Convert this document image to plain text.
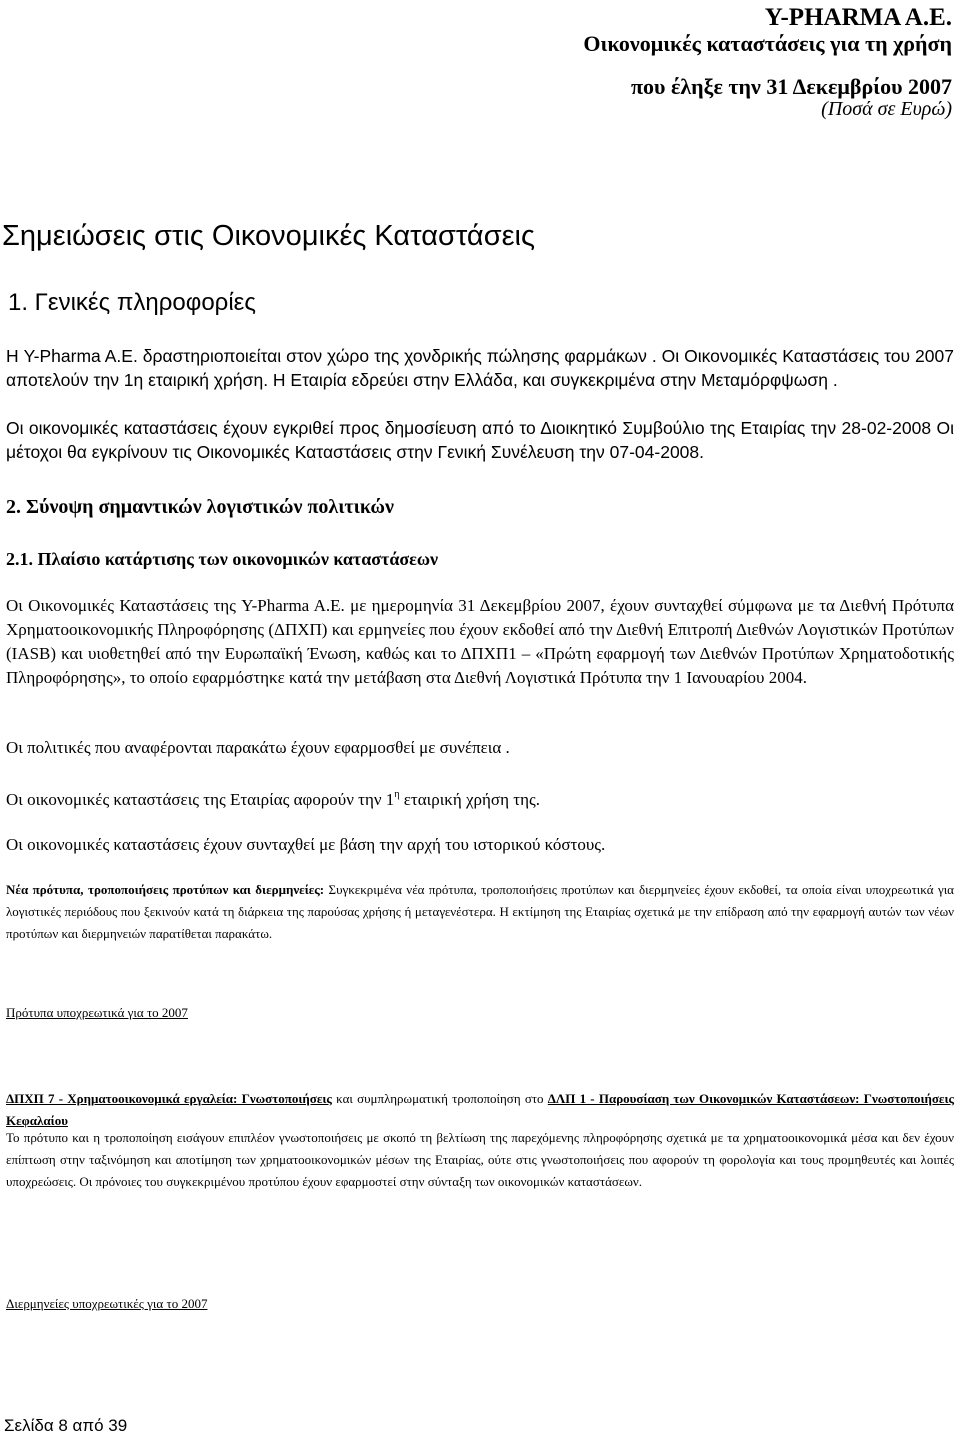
Y-PHARMA A.E.
Οικονομικές καταστάσεις για τη χρήση
που έληξε την 31 Δεκεμβρίου 2007
(Ποσά σε Ευρώ)
Σημειώσεις στις Οικονομικές Καταστάσεις
1. Γενικές πληροφορίες

Η Y-Pharma A.E. δραστηριοποιείται στον χώρο της χονδρικής πώλησης φαρμάκων . Οι Οικονομικές Καταστάσεις του 2007 αποτελούν την 1η εταιρική χρήση. Η Εταιρία εδρεύει στην Ελλάδα, και συγκεκριμένα στην Μεταμόρφψωση .

Οι οικονομικές καταστάσεις έχουν εγκριθεί προς δημοσίευση από το Διοικητικό Συμβούλιο της Εταιρίας την 28-02-2008 Οι μέτοχοι θα εγκρίνουν τις Οικονομικές Καταστάσεις στην Γενική Συνέλευση την 07-04-2008.

2. Σύνοψη σημαντικών λογιστικών πολιτικών
2.1. Πλαίσιο κατάρτισης των οικονομικών καταστάσεων

Οι Οικονομικές Καταστάσεις της Y-Pharma A.E. με ημερομηνία 31 Δεκεμβρίου 2007, έχουν συνταχθεί σύμφωνα με τα Διεθνή Πρότυπα Χρηματοοικονομικής Πληροφόρησης (ΔΠΧΠ) και ερμηνείες που έχουν εκδοθεί από την Διεθνή Επιτροπή Διεθνών Λογιστικών Προτύπων (IASB) και υιοθετηθεί από την Ευρωπαϊκή Ένωση, καθώς και το ΔΠΧΠ1 – «Πρώτη εφαρμογή των Διεθνών Προτύπων Χρηματοδοτικής Πληροφόρησης», το οποίο εφαρμόστηκε κατά την μετάβαση στα Διεθνή Λογιστικά Πρότυπα την 1 Ιανουαρίου 2004.

Οι πολιτικές που αναφέρονται παρακάτω έχουν εφαρμοσθεί με συνέπεια .

Οι οικονομικές καταστάσεις της Εταιρίας αφορούν την $1^\eta$ εταιρική χρήση της.

Οι οικονομικές καταστάσεις έχουν συνταχθεί με βάση την αρχή του ιστορικού κόστους.

Νέα πρότυπα, τροποποιήσεις προτύπων και διερμηνείες: Συγκεκριμένα νέα πρότυπα, τροποποιήσεις προτύπων και διερμηνείες έχουν εκδοθεί, τα οποία είναι υποχρεωτικά για λογιστικές περιόδους που ξεκινούν κατά τη διάρκεια της παρούσας χρήσης ή μεταγενέστερα. Η εκτίμηση της Εταιρίας σχετικά με την επίδραση από την εφαρμογή αυτών των νέων προτύπων και διερμηνειών παρατίθεται παρακάτω.

Πρότυπα υποχρεωτικά για το 2007

ΔΠΧΠ 7 - Χρηματοοικονομικά εργαλεία: Γνωστοποιήσεις και συμπληρωματική τροποποίηση στο ΔΛΠ 1 - Παρουσίαση των Οικονομικών Καταστάσεων: Γνωστοποιήσεις Κεφαλαίου

Το πρότυπο και η τροποποίηση εισάγουν επιπλέον γνωστοποιήσεις με σκοπό τη βελτίωση της παρεχόμενης πληροφόρησης σχετικά με τα χρηματοοικονομικά μέσα και δεν έχουν επίπτωση στην ταξινόμηση και αποτίμηση των χρηματοοικονομικών μέσων της Εταιρίας, ούτε στις γνωστοποιήσεις που αφορούν τη φορολογία και τους προμηθευτές και λοιπές υποχρεώσεις. Οι πρόνοιες του συγκεκριμένου προτύπου έχουν εφαρμοστεί στην σύνταξη των οικονομικών καταστάσεων.

Διερμηνείες υποχρεωτικές για το 2007
Σελίδα 8 από 39
